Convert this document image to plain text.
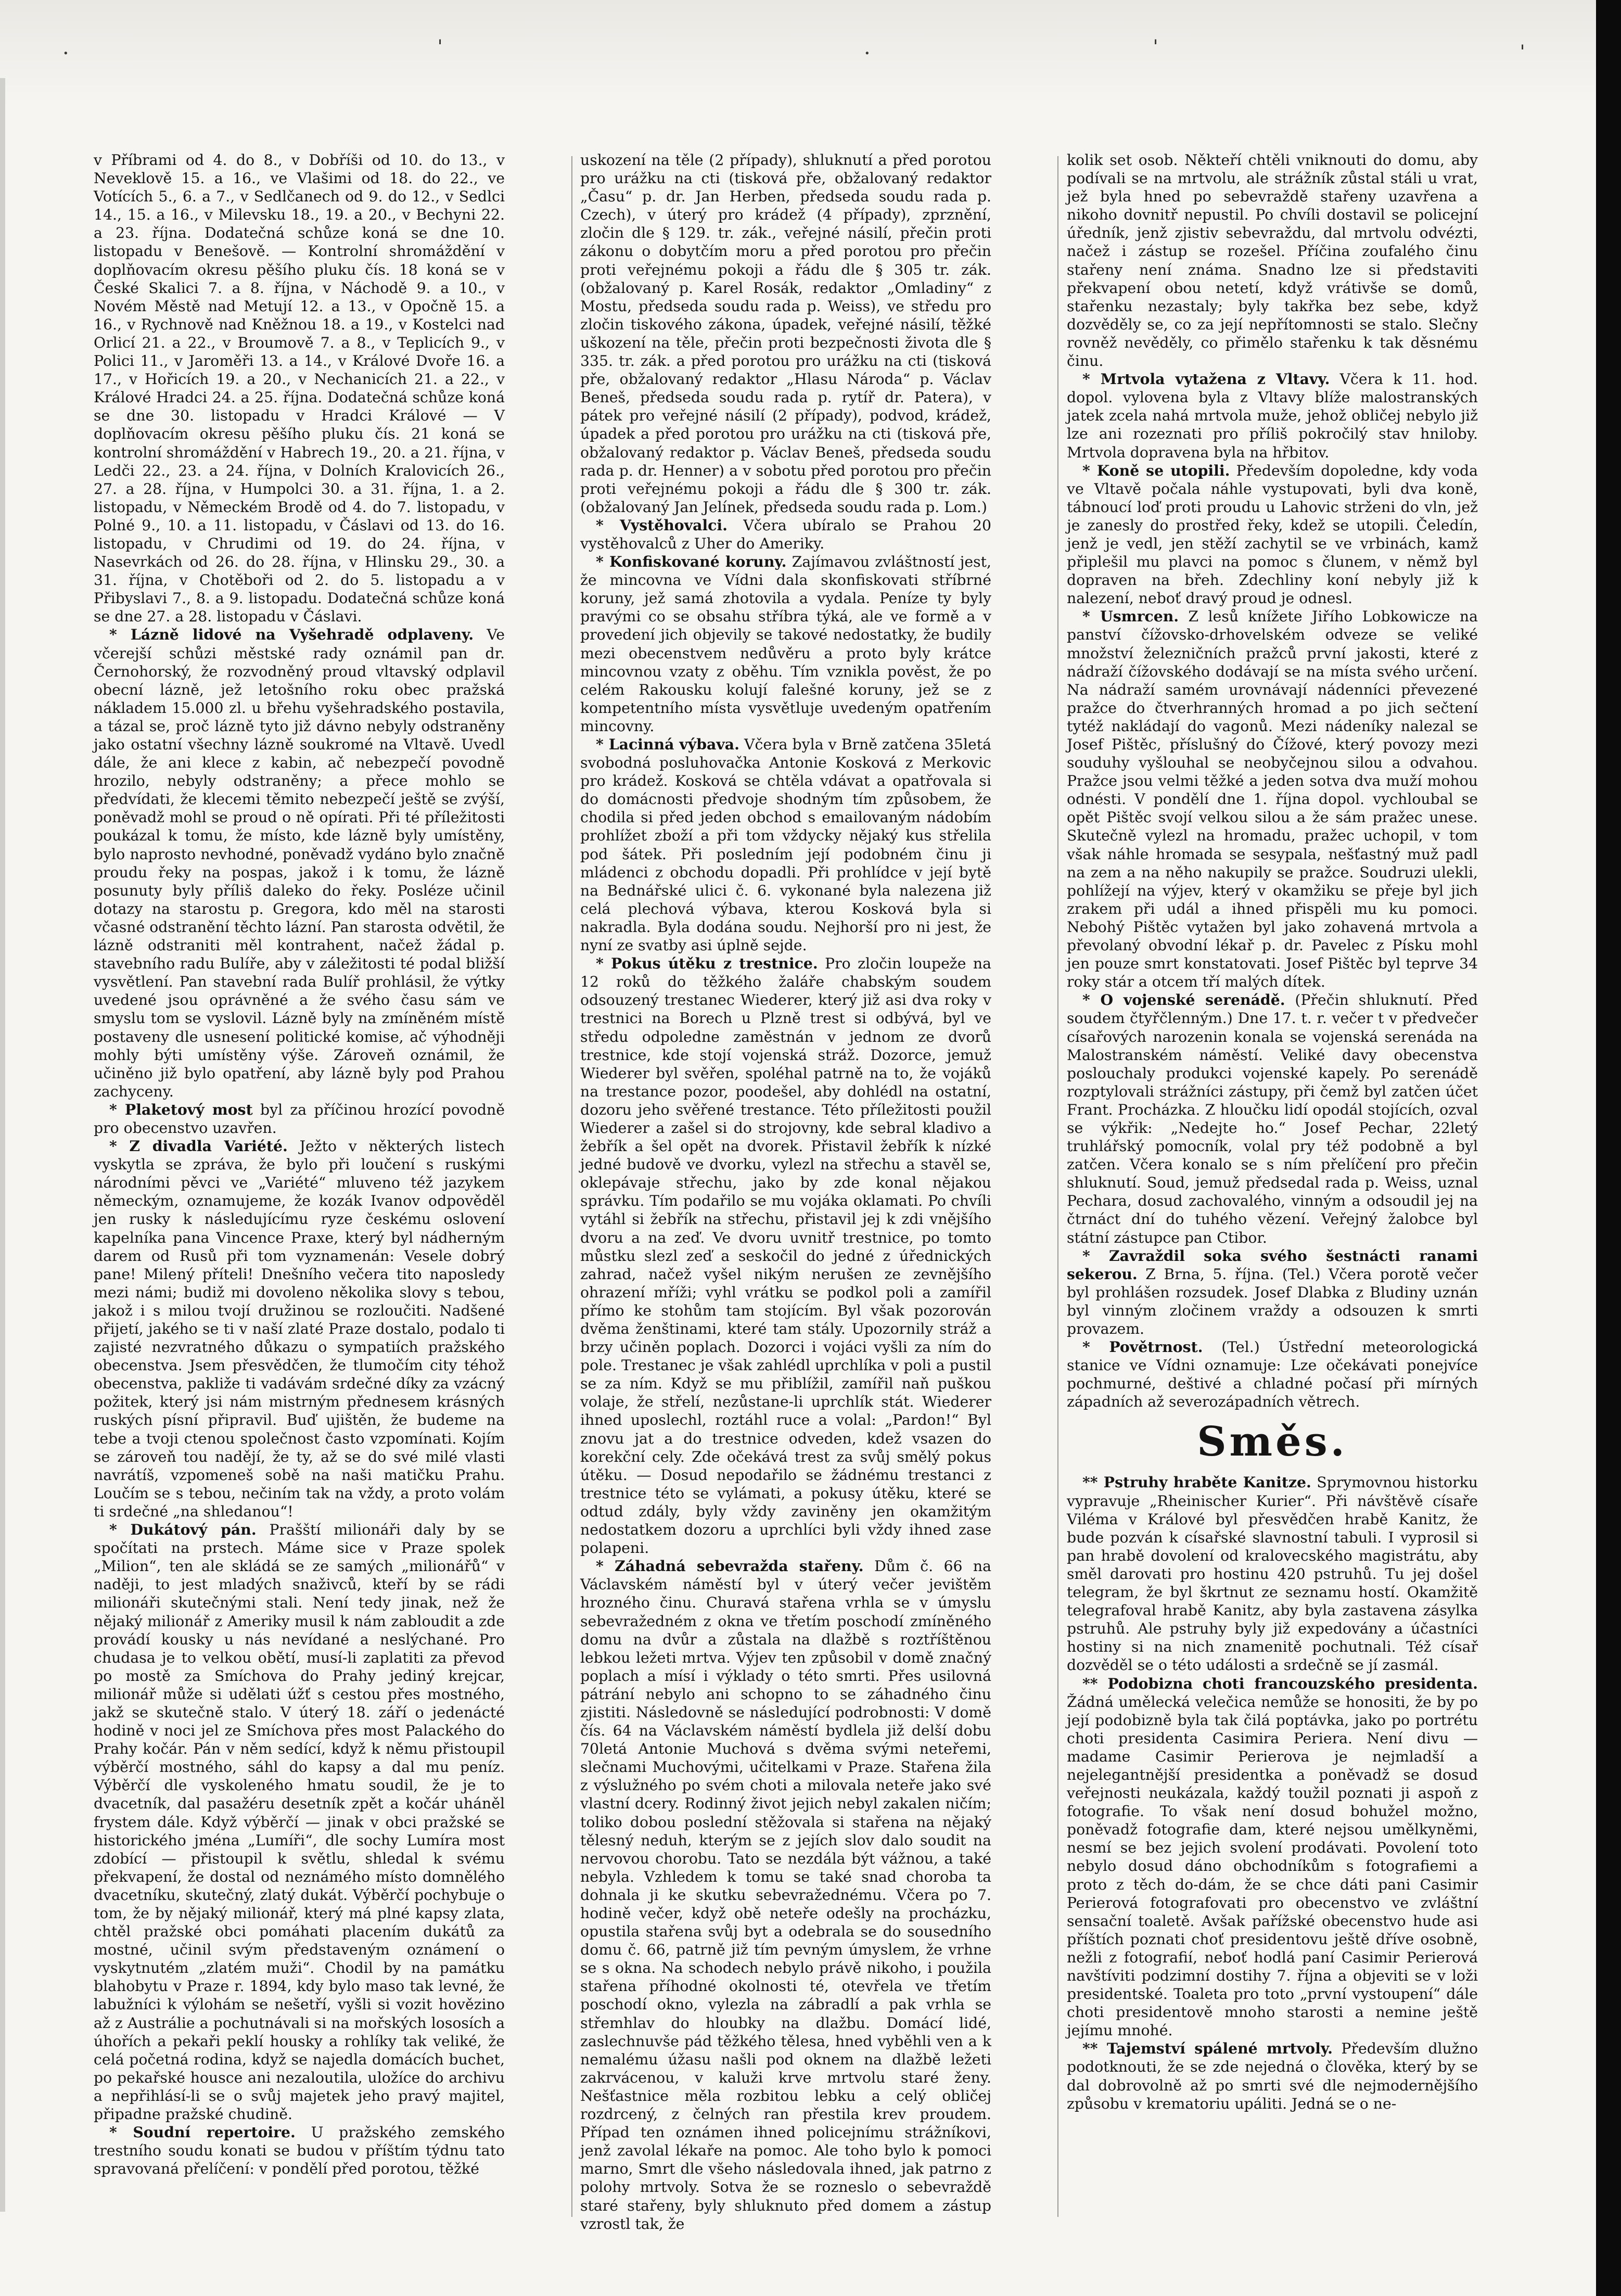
·	ˈ	·	ˈ	ˈ

v Příbrami od 4. do 8., v Dobříši od 10. do 13., v Neveklově 15. a 16., ve Vlašimi od 18. do 22., ve Votících 5., 6. a 7., v Sedlčanech od 9. do 12., v Sedlci 14., 15. a 16., v Milevsku 18., 19. a 20., v Bechyni 22. a 23. října. Dodatečná schůze koná se dne 10. listopadu v Benešově. — Kontrolní shromáždění v doplňovacím okresu pěšího pluku čís. 18 koná se v České Skalici 7. a 8. října, v Náchodě 9. a 10., v Novém Městě nad Metují 12. a 13., v Opočně 15. a 16., v Rychnově nad Kněžnou 18. a 19., v Kostelci nad Orlicí 21. a 22., v Broumově 7. a 8., v Teplicích 9., v Polici 11., v Jaroměři 13. a 14., v Králové Dvoře 16. a 17., v Hořicích 19. a 20., v Nechanicích 21. a 22., v Králové Hradci 24. a 25. října. Dodatečná schůze koná se dne 30. listopadu v Hradci Králové — V doplňovacím okresu pěšího pluku čís. 21 koná se kontrolní shromáždění v Habrech 19., 20. a 21. října, v Ledči 22., 23. a 24. října, v Dolních Kralovicích 26., 27. a 28. října, v Humpolci 30. a 31. října, 1. a 2. listopadu, v Německém Brodě od 4. do 7. listopadu, v Polné 9., 10. a 11. listopadu, v Čáslavi od 13. do 16. listopadu, v Chrudimi od 19. do 24. října, v Nasevrkách od 26. do 28. října, v Hlinsku 29., 30. a 31. října, v Chotěboři od 2. do 5. listopadu a v Přibyslavi 7., 8. a 9. listopadu. Dodatečná schůze koná se dne 27. a 28. listopadu v Čáslavi.

* Lázně lidové na Vyšehradě odplaveny. Ve včerejší schůzi městské rady oznámil pan dr. Černohorský, že rozvodněný proud vltavský odplavil obecní lázně, jež letošního roku obec pražská nákladem 15.000 zl. u břehu vyšehradského postavila, a tázal se, proč lázně tyto již dávno nebyly odstraněny jako ostatní všechny lázně soukromé na Vltavě. Uvedl dále, že ani klece z kabin, ač nebezpečí povodně hrozilo, nebyly odstraněny; a přece mohlo se předvídati, že klecemi těmito nebezpečí ještě se zvýší, poněvadž mohl se proud o ně opírati. Při té příležitosti poukázal k tomu, že místo, kde lázně byly umístěny, bylo naprosto nevhodné, poněvadž vydáno bylo značně proudu řeky na pospas, jakož i k tomu, že lázně posunuty byly příliš daleko do řeky. Posléze učinil dotazy na starostu p. Gregora, kdo měl na starosti včasné odstranění těchto lázní. Pan starosta odvětil, že lázně odstraniti měl kontrahent, načež žádal p. stavebního radu Bulíře, aby v záležitosti té podal bližší vysvětlení. Pan stavební rada Bulíř prohlásil, že výtky uvedené jsou oprávněné a že svého času sám ve smyslu tom se vyslovil. Lázně byly na zmíněném místě postaveny dle usnesení politické komise, ač výhodněji mohly býti umístěny výše. Zároveň oznámil, že učiněno již bylo opatření, aby lázně byly pod Prahou zachyceny.

* Plaketový most byl za příčinou hrozící povodně pro obecenstvo uzavřen.

* Z divadla Variété. Ježto v některých listech vyskytla se zpráva, že bylo při loučení s ruskými národními pěvci ve „Variété“ mluveno též jazykem německým, oznamujeme, že kozák Ivanov odpověděl jen rusky k následujícímu ryze českému oslovení kapelníka pana Vincence Praxe, který byl nádherným darem od Rusů při tom vyznamenán: Vesele dobrý pane! Milený příteli! Dnešního večera tito naposledy mezi námi; budiž mi dovoleno několika slovy s tebou, jakož i s milou tvojí družinou se rozloučiti. Nadšené přijetí, jakého se ti v naší zlaté Praze dostalo, podalo ti zajisté nezvratného důkazu o sympatiích pražského obecenstva. Jsem přesvědčen, že tlumočím city téhož obecenstva, pakliže ti vadávám srdečné díky za vzácný požitek, který jsi nám mistrným přednesem krásných ruských písní připravil. Buď ujištěn, že budeme na tebe a tvoji ctenou společnost často vzpomínati. Kojím se zároveň tou nadějí, že ty, až se do své milé vlasti navrátíš, vzpomeneš sobě na naši matičku Prahu. Loučím se s tebou, nečiním tak na vždy, a proto volám ti srdečné „na shledanou“!

* Dukátový pán. Prašští milionáři daly by se spočítati na prstech. Máme sice v Praze spolek „Milion“, ten ale skládá se ze samých „milionářů“ v naději, to jest mladých snaživců, kteří by se rádi milionáři skutečnými stali. Není tedy jinak, než že nějaký milionář z Ameriky musil k nám zabloudit a zde provádí kousky u nás nevídané a neslýchané. Pro chudasa je to velkou obětí, musí-li zaplatiti za převod po mostě za Smíchova do Prahy jediný krejcar, milionář může si udělati úžť s cestou přes mostného, jakž se skutečně stalo. V úterý 18. září o jedenácté hodině v noci jel ze Smíchova přes most Palackého do Prahy kočár. Pán v něm sedící, když k němu přistoupil výběrčí mostného, sáhl do kapsy a dal mu peníz. Výběrčí dle vyskoleného hmatu soudil, že je to dvacetník, dal pasažéru desetník zpět a kočár uháněl frystem dále. Když výběrčí — jinak v obci pražské se historického jména „Lumíři“, dle sochy Lumíra most zdobící — přistoupil k světlu, shledal k svému překvapení, že dostal od neznámého místo domnělého dvacetníku, skutečný, zlatý dukát. Výběrčí pochybuje o tom, že by nějaký milionář, který má plné kapsy zlata, chtěl pražské obci pomáhati placením dukátů za mostné, učinil svým představeným oznámení o vyskytnutém „zlatém muži“. Chodil by na památku blahobytu v Praze r. 1894, kdy bylo maso tak levné, že labužníci k výlohám se nešetří, vyšli si vozit hovězino až z Austrálie a pochutnávali si na mořských lososích a úhořích a pekaři peklí housky a rohlíky tak veliké, že celá početná rodina, když se najedla domácích buchet, po pekařské housce ani nezaloutila, uložíce do archivu a nepřihlásí-li se o svůj majetek jeho pravý majitel, připadne pražské chudině.

* Soudní repertoire. U pražského zemského trestního soudu konati se budou v příštím týdnu tato spravovaná přelíčení: v pondělí před porotou, těžké

uskození na těle (2 případy), shluknutí a před porotou pro urážku na cti (tisková pře, obžalovaný redaktor „Času“ p. dr. Jan Herben, předseda soudu rada p. Czech), v úterý pro krádež (4 případy), zprznění, zločin dle § 129. tr. zák., veřejné násilí, přečin proti zákonu o dobytčím moru a před porotou pro přečin proti veřejnému pokoji a řádu dle § 305 tr. zák. (obžalovaný p. Karel Rosák, redaktor „Omladiny“ z Mostu, předseda soudu rada p. Weiss), ve středu pro zločin tiskového zákona, úpadek, veřejné násilí, těžké uškození na těle, přečin proti bezpečnosti života dle § 335. tr. zák. a před porotou pro urážku na cti (tisková pře, obžalovaný redaktor „Hlasu Národa“ p. Václav Beneš, předseda soudu rada p. rytíř dr. Patera), v pátek pro veřejné násilí (2 případy), podvod, krádež, úpadek a před porotou pro urážku na cti (tisková pře, obžalovaný redaktor p. Václav Beneš, předseda soudu rada p. dr. Henner) a v sobotu před porotou pro přečin proti veřejnému pokoji a řádu dle § 300 tr. zák. (obžalovaný Jan Jelínek, předseda soudu rada p. Lom.)

* Vystěhovalci. Včera ubíralo se Prahou 20 vystěhovalců z Uher do Ameriky.

* Konfiskované koruny. Zajímavou zvláštností jest, že mincovna ve Vídni dala skonfiskovati stříbrné koruny, jež samá zhotovila a vydala. Peníze ty byly pravými co se obsahu stříbra týká, ale ve formě a v provedení jich objevily se takové nedostatky, že budily mezi obecenstvem nedůvěru a proto byly krátce mincovnou vzaty z oběhu. Tím vznikla pověst, že po celém Rakousku kolují falešné koruny, jež se z kompetentního místa vysvětluje uvedeným opatřením mincovny.

* Lacinná výbava. Včera byla v Brně zatčena 35letá svobodná posluhovačka Antonie Kosková z Merkovic pro krádež. Kosková se chtěla vdávat a opatřovala si do domácnosti předvoje shodným tím způsobem, že chodila si před jeden obchod s emailovaným nádobím prohlížet zboží a při tom vždycky nějaký kus střelila pod šátek. Při posledním její podobném činu ji mládenci z obchodu dopadli. Při prohlídce v její bytě na Bednářské ulici č. 6. vykonané byla nalezena již celá plechová výbava, kterou Kosková byla si nakradla. Byla dodána soudu. Nejhorší pro ni jest, že nyní ze svatby asi úplně sejde.

* Pokus útěku z trestnice. Pro zločin loupeže na 12 roků do těžkého žaláře chabským soudem odsouzený trestanec Wiederer, který již asi dva roky v trestnici na Borech u Plzně trest si odbývá, byl ve středu odpoledne zaměstnán v jednom ze dvorů trestnice, kde stojí vojenská stráž. Dozorce, jemuž Wiederer byl svěřen, spoléhal patrně na to, že vojáků na trestance pozor, poodešel, aby dohlédl na ostatní, dozoru jeho svěřené trestance. Této příležitosti použil Wiederer a zašel si do strojovny, kde sebral kladivo a žebřík a šel opět na dvorek. Přistavil žebřík k nízké jedné budově ve dvorku, vylezl na střechu a stavěl se, oklepávaje střechu, jako by zde konal nějakou správku. Tím podařilo se mu vojáka oklamati. Po chvíli vytáhl si žebřík na střechu, přistavil jej k zdi vnějšího dvoru a na zeď. Ve dvoru uvnitř trestnice, po tomto můstku slezl zeď a seskočil do jedné z úřednických zahrad, načež vyšel nikým nerušen ze zevnějšího ohrazení mříži; vyhl vrátku se podkol poli a zamířil přímo ke stohům tam stojícím. Byl však pozorován dvěma ženštinami, které tam stály. Upozornily stráž a brzy učiněn poplach. Dozorci i vojáci vyšli za ním do pole. Trestanec je však zahlédl uprchlíka v poli a pustil se za ním. Když se mu přiblížil, zamířil naň puškou volaje, že střelí, nezůstane-li uprchlík stát. Wiederer ihned uposlechl, roztáhl ruce a volal: „Pardon!“ Byl znovu jat a do trestnice odveden, kdež vsazen do korekční cely. Zde očekává trest za svůj smělý pokus útěku. — Dosud nepodařilo se žádnému trestanci z trestnice této se vylámati, a pokusy útěku, které se odtud zdály, byly vždy zaviněny jen okamžitým nedostatkem dozoru a uprchlíci byli vždy ihned zase polapeni.

* Záhadná sebevražda stařeny. Dům č. 66 na Václavském náměstí byl v úterý večer jevištěm hrozného činu. Churavá stařena vrhla se v úmyslu sebevražedném z okna ve třetím poschodí zmíněného domu na dvůr a zůstala na dlažbě s roztříštěnou lebkou ležeti mrtva. Výjev ten způsobil v domě značný poplach a mísí i výklady o této smrti. Přes usilovná pátrání nebylo ani schopno to se záhadného činu zjistiti. Následovně se následující podrobnosti: V domě čís. 64 na Václavském náměstí bydlela již delší dobu 70letá Antonie Muchová s dvěma svými neteřemi, slečnami Muchovými, učitelkami v Praze. Stařena žila z výslužného po svém choti a milovala neteře jako své vlastní dcery. Rodinný život jejich nebyl zakalen ničím; toliko dobou poslední stěžovala si stařena na nějaký tělesný neduh, kterým se z jejích slov dalo soudit na nervovou chorobu. Tato se nezdála být vážnou, a také nebyla. Vzhledem k tomu se také snad choroba ta dohnala ji ke skutku sebevražednému. Včera po 7. hodině večer, když obě neteře odešly na procházku, opustila stařena svůj byt a odebrala se do sousedního domu č. 66, patrně již tím pevným úmyslem, že vrhne se s okna. Na schodech nebylo právě nikoho, i použila stařena příhodné okolnosti té, otevřela ve třetím poschodí okno, vylezla na zábradlí a pak vrhla se střemhlav do hloubky na dlažbu. Domácí lidé, zaslechnuvše pád těžkého tělesa, hned vyběhli ven a k nemalému úžasu našli pod oknem na dlažbě ležeti zakrvácenou, v kaluži krve mrtvolu staré ženy. Nešťastnice měla rozbitou lebku a celý obličej rozdrcený, z čelných ran přestila krev proudem. Případ ten oznámen ihned policejnímu strážníkovi, jenž zavolal lékaře na pomoc. Ale toho bylo k pomoci marno, Smrt dle všeho následovala ihned, jak patrno z polohy mrtvoly. Sotva že se rozneslo o sebevraždě staré stařeny, byly shluknuto před domem a zástup vzrostl tak, že

kolik set osob. Někteří chtěli vniknouti do domu, aby podívali se na mrtvolu, ale strážník zůstal stáli u vrat, jež byla hned po sebevraždě stařeny uzavřena a nikoho dovnitř nepustil. Po chvíli dostavil se policejní úředník, jenž zjistiv sebevraždu, dal mrtvolu odvézti, načež i zástup se rozešel. Příčina zoufalého činu stařeny není známa. Snadno lze si představiti překvapení obou netetí, když vrátivše se domů, stařenku nezastaly; byly takřka bez sebe, když dozvěděly se, co za její nepřítomnosti se stalo. Slečny rovněž nevěděly, co přimělo stařenku k tak děsnému činu.

* Mrtvola vytažena z Vltavy. Včera k 11. hod. dopol. vylovena byla z Vltavy blíže malostranských jatek zcela nahá mrtvola muže, jehož obličej nebylo již lze ani rozeznati pro příliš pokročilý stav hniloby. Mrtvola dopravena byla na hřbitov.

* Koně se utopili. Především dopoledne, kdy voda ve Vltavě počala náhle vystupovati, byli dva koně, tábnoucí loď proti proudu u Lahovic strženi do vln, jež je zanesly do prostřed řeky, kdež se utopili. Čeledín, jenž je vedl, jen stěží zachytil se ve vrbinách, kamž připlešil mu plavci na pomoc s člunem, v němž byl dopraven na břeh. Zdechliny koní nebyly již k nalezení, neboť dravý proud je odnesl.

* Usmrcen. Z lesů knížete Jiřího Lobkowicze na panství čížovsko-drhovelském odveze se veliké množství železničních pražců první jakosti, které z nádraží čížovského dodávají se na místa svého určení. Na nádraží samém urovnávají nádenníci převezené pražce do čtverhranných hromad a po jich sečtení tytéž nakládají do vagonů. Mezi nádeníky nalezal se Josef Pištěc, příslušný do Čížové, který povozy mezi souduhy vyšlouhal se neobyčejnou silou a odvahou. Pražce jsou velmi těžké a jeden sotva dva muží mohou odnésti. V pondělí dne 1. října dopol. vychloubal se opět Pištěc svojí velkou silou a že sám pražec unese. Skutečně vylezl na hromadu, pražec uchopil, v tom však náhle hromada se sesypala, nešťastný muž padl na zem a na něho nakupily se pražce. Soudruzi ulekli, pohlížejí na výjev, který v okamžiku se přeje byl jich zrakem při udál a ihned přispěli mu ku pomoci. Nebohý Pištěc vytažen byl jako zohavená mrtvola a převolaný obvodní lékař p. dr. Pavelec z Písku mohl jen pouze smrt konstatovati. Josef Pištěc byl teprve 34 roky stár a otcem tří malých dítek.

* O vojenské serenádě. (Přečin shluknutí. Před soudem čtyřčlenným.) Dne 17. t. r. večer t v předvečer císařových narozenin konala se vojenská serenáda na Malostranském náměstí. Veliké davy obecenstva poslouchaly produkci vojenské kapely. Po serenádě rozptylovali strážníci zástupy, při čemž byl zatčen účet Frant. Procházka. Z hloučku lidí opodál stojících, ozval se výkřik: „Nedejte ho.“ Josef Pechar, 22letý truhlářský pomocník, volal pry též podobně a byl zatčen. Včera konalo se s ním přelíčení pro přečin shluknutí. Soud, jemuž předsedal rada p. Weiss, uznal Pechara, dosud zachovalého, vinným a odsoudil jej na čtrnáct dní do tuhého vězení. Veřejný žalobce byl státní zástupce pan Ctibor.

* Zavraždil soka svého šestnácti ranami sekerou. Z Brna, 5. října. (Tel.) Včera porotě večer byl prohlášen rozsudek. Josef Dlabka z Bludiny uznán byl vinným zločinem vraždy a odsouzen k smrti provazem.

* Povětrnost. (Tel.) Ústřední meteorologická stanice ve Vídni oznamuje: Lze očekávati ponejvíce pochmurné, deštivé a chladné počasí při mírných západních až severozápadních větrech.

Směs.

** Pstruhy hraběte Kanitze. Sprymovnou historku vypravuje „Rheinischer Kurier“. Při návštěvě císaře Viléma v Králové byl přesvědčen hrabě Kanitz, že bude pozván k císařské slavnostní tabuli. I vyprosil si pan hrabě dovolení od kralovecského magistrátu, aby směl darovati pro hostinu 420 pstruhů. Tu jej došel telegram, že byl škrtnut ze seznamu hostí. Okamžitě telegrafoval hrabě Kanitz, aby byla zastavena zásylka pstruhů. Ale pstruhy byly již expedovány a účastníci hostiny si na nich znamenitě pochutnali. Též císař dozvěděl se o této události a srdečně se jí zasmál.

** Podobizna choti francouzského presidenta. Žádná umělecká velečica nemůže se honositi, že by po její podobizně byla tak čilá poptávka, jako po portrétu choti presidenta Casimira Periera. Není divu — madame Casimir Perierova je nejmladší a nejelegantnější presidentka a poněvadž se dosud veřejnosti neukázala, každý toužil poznati ji aspoň z fotografie. To však není dosud bohužel možno, poněvadž fotografie dam, které nejsou umělkyněmi, nesmí se bez jejich svolení prodávati. Povolení toto nebylo dosud dáno obchodníkům s fotografiemi a proto z těch do-dám, že se chce dáti pani Casimir Perierová fotografovati pro obecenstvo ve zvláštní sensační toaletě. Avšak pařížské obecenstvo hude asi příštích poznati choť presidentovu ještě dříve osobně, nežli z fotografií, neboť hodlá paní Casimir Perierová navštíviti podzimní dostihy 7. října a objeviti se v loži presidentské. Toaleta pro toto „první vystoupení“ dále choti presidentově mnoho starosti a nemine ještě jejímu mnohé.

** Tajemství spálené mrtvoly. Především dlužno podotknouti, že se zde nejedná o člověka, který by se dal dobrovolně až po smrti své dle nejmodernějšího způsobu v krematoriu upáliti. Jedná se o ne-
